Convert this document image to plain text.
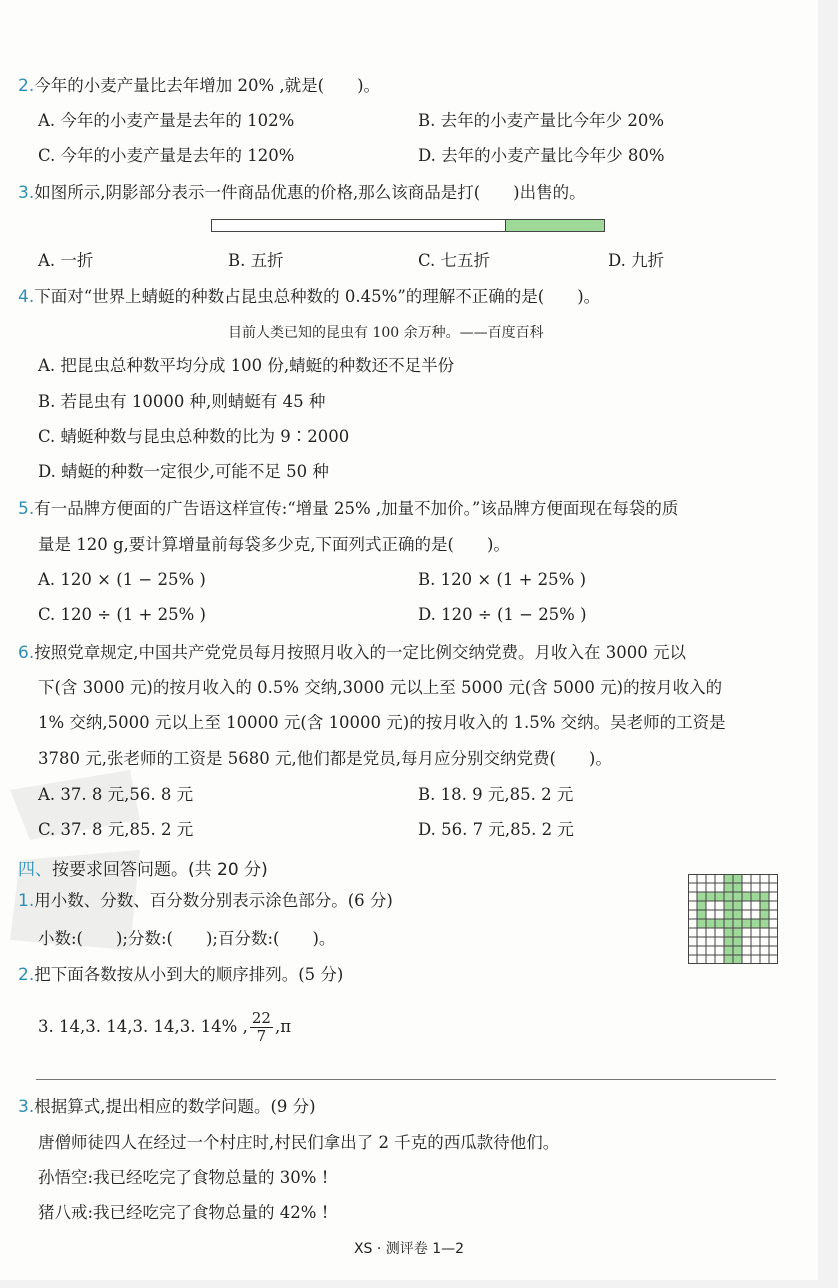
2.今年的小麦产量比去年增加 20% ,就是(　　)。
A. 今年的小麦产量是去年的 102%	B. 去年的小麦产量比今年少 20%
C. 今年的小麦产量是去年的 120%	D. 去年的小麦产量比今年少 80%
3.如图所示,阴影部分表示一件商品优惠的价格,那么该商品是打(　　)出售的。
A. 一折	B. 五折	C. 七五折	D. 九折
4.下面对“世界上蜻蜓的种数占昆虫总种数的 0.45%”的理解不正确的是(　　)。
目前人类已知的昆虫有 100 余万种。——百度百科
A. 把昆虫总种数平均分成 100 份,蜻蜓的种数还不足半份
B. 若昆虫有 10000 种,则蜻蜓有 45 种
C. 蜻蜓种数与昆虫总种数的比为 9∶2000
D. 蜻蜓的种数一定很少,可能不足 50 种
5.有一品牌方便面的广告语这样宣传:“增量 25% ,加量不加价。”该品牌方便面现在每袋的质
量是 120 g,要计算增量前每袋多少克,下面列式正确的是(　　)。
A. 120 × (1 − 25% )	B. 120 × (1 + 25% )
C. 120 ÷ (1 + 25% )	D. 120 ÷ (1 − 25% )
6.按照党章规定,中国共产党党员每月按照月收入的一定比例交纳党费。月收入在 3000 元以
下(含 3000 元)的按月收入的 0.5% 交纳,3000 元以上至 5000 元(含 5000 元)的按月收入的
1% 交纳,5000 元以上至 10000 元(含 10000 元)的按月收入的 1.5% 交纳。吴老师的工资是
3780 元,张老师的工资是 5680 元,他们都是党员,每月应分别交纳党费(　　)。
A. 37. 8 元,56. 8 元	B. 18. 9 元,85. 2 元
C. 37. 8 元,85. 2 元	D. 56. 7 元,85. 2 元
四、按要求回答问题。(共 20 分)
1.用小数、分数、百分数分别表示涂色部分。(6 分)
小数:(　　);分数:(　　);百分数:(　　)。
2.把下面各数按从小到大的顺序排列。(5 分)
3. 14,3. 1· 4,3. · 1· 4,3. 14% , $\frac{22}{7} ,\pi$
3.根据算式,提出相应的数学问题。(9 分)
唐僧师徒四人在经过一个村庄时,村民们拿出了 2 千克的西瓜款待他们。
孙悟空:我已经吃完了食物总量的 30% !
猪八戒:我已经吃完了食物总量的 42% !
XS · 测评卷 1—2
